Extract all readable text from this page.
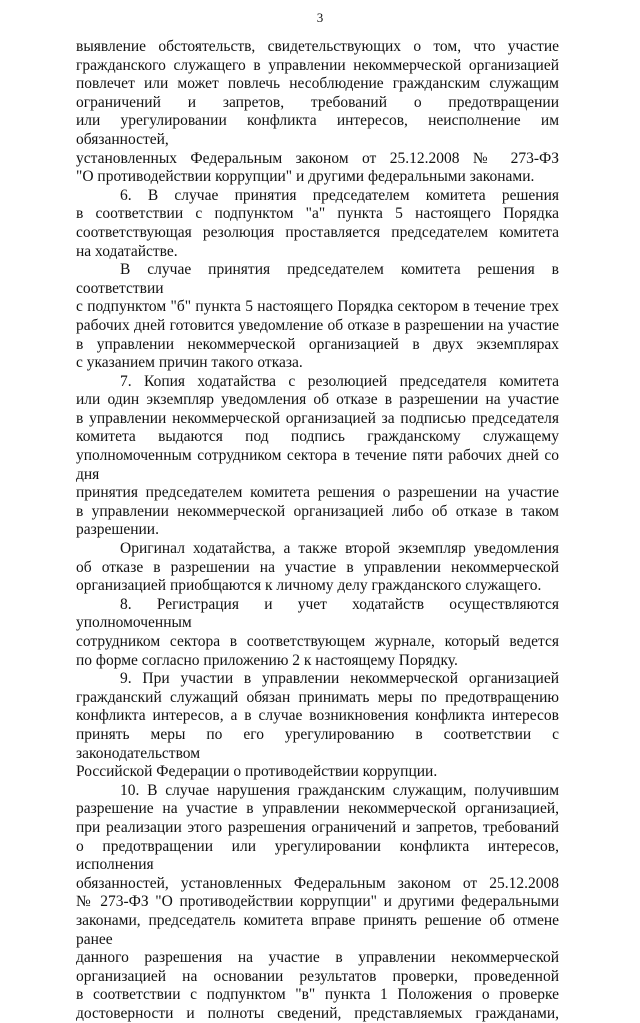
3

выявление обстоятельств, свидетельствующих о том, что участие
гражданского служащего в управлении некоммерческой организацией
повлечет или может повлечь несоблюдение гражданским служащим
ограничений и запретов, требований о предотвращении
или урегулировании конфликта интересов, неисполнение им обязанностей,
установленных Федеральным законом от 25.12.2008 № 273-ФЗ
"О противодействии коррупции" и другими федеральными законами.

6. В случае принятия председателем комитета решения
в соответствии с подпунктом "а" пункта 5 настоящего Порядка
соответствующая резолюция проставляется председателем комитета
на ходатайстве.

В случае принятия председателем комитета решения в соответствии
с подпунктом "б" пункта 5 настоящего Порядка сектором в течение трех
рабочих дней готовится уведомление об отказе в разрешении на участие
в управлении некоммерческой организацией в двух экземплярах
с указанием причин такого отказа.

7. Копия ходатайства с резолюцией председателя комитета
или один экземпляр уведомления об отказе в разрешении на участие
в управлении некоммерческой организацией за подписью председателя
комитета выдаются под подпись гражданскому служащему
уполномоченным сотрудником сектора в течение пяти рабочих дней со дня
принятия председателем комитета решения о разрешении на участие
в управлении некоммерческой организацией либо об отказе в таком
разрешении.

Оригинал ходатайства, а также второй экземпляр уведомления
об отказе в разрешении на участие в управлении некоммерческой
организацией приобщаются к личному делу гражданского служащего.

8. Регистрация и учет ходатайств осуществляются уполномоченным
сотрудником сектора в соответствующем журнале, который ведется
по форме согласно приложению 2 к настоящему Порядку.

9. При участии в управлении некоммерческой организацией
гражданский служащий обязан принимать меры по предотвращению
конфликта интересов, а в случае возникновения конфликта интересов
принять меры по его урегулированию в соответствии с законодательством
Российской Федерации о противодействии коррупции.

10. В случае нарушения гражданским служащим, получившим
разрешение на участие в управлении некоммерческой организацией,
при реализации этого разрешения ограничений и запретов, требований
о предотвращении или урегулировании конфликта интересов, исполнения
обязанностей, установленных Федеральным законом от 25.12.2008
№ 273-ФЗ "О противодействии коррупции" и другими федеральными
законами, председатель комитета вправе принять решение об отмене ранее
данного разрешения на участие в управлении некоммерческой
организацией на основании результатов проверки, проведенной
в соответствии с подпунктом "в" пункта 1 Положения о проверке
достоверности и полноты сведений, представляемых гражданами,
